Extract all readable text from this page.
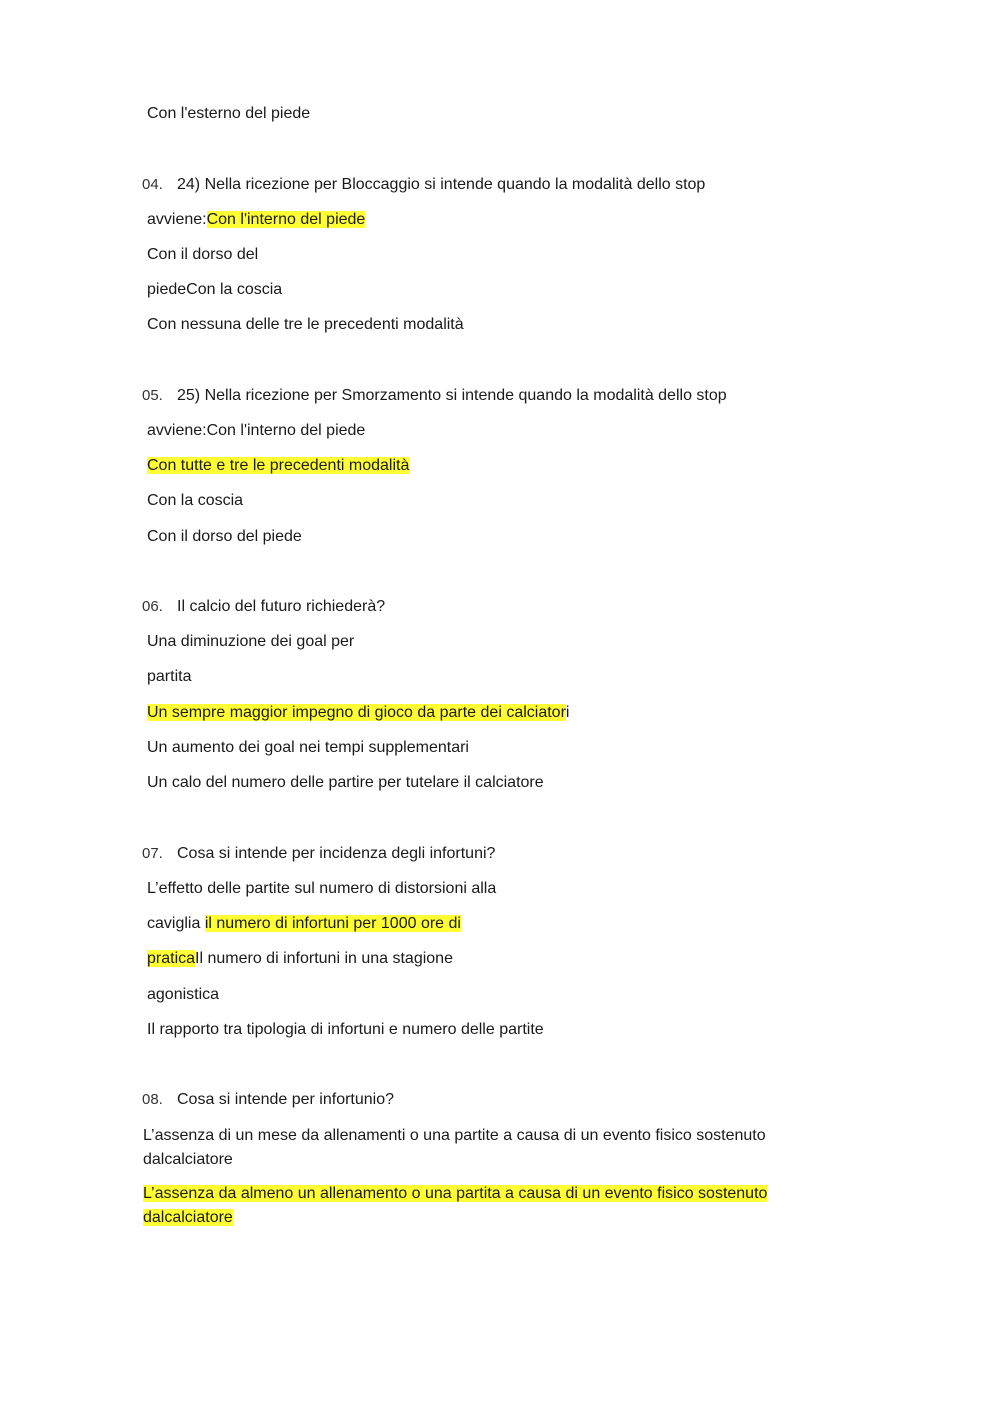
Con l'esterno del piede
04. 24) Nella ricezione per Bloccaggio si intende quando la modalità dello stop
avviene:Con l'interno del piede
Con il dorso del
piedeCon la coscia
Con nessuna delle tre le precedenti modalità
05. 25) Nella ricezione per Smorzamento si intende quando la modalità dello stop
avviene:Con l'interno del piede
Con tutte e tre le precedenti modalità
Con la coscia
Con il dorso del piede
06. Il calcio del futuro richiederà?
Una diminuzione dei goal per
partita
Un sempre maggior impegno di gioco da parte dei calciatori
Un aumento dei goal nei tempi supplementari
Un calo del numero delle partire per tutelare il calciatore
07. Cosa si intende per incidenza degli infortuni?
L’effetto delle partite sul numero di distorsioni alla
caviglia il numero di infortuni per 1000 ore di
praticaIl numero di infortuni in una stagione
agonistica
Il rapporto tra tipologia di infortuni e numero delle partite
08. Cosa si intende per infortunio?
L’assenza di un mese da allenamenti o una partite a causa di un evento fisico sostenuto dalcalciatore
L’assenza da almeno un allenamento o una partita a causa di un evento fisico sostenuto dalcalciatore
